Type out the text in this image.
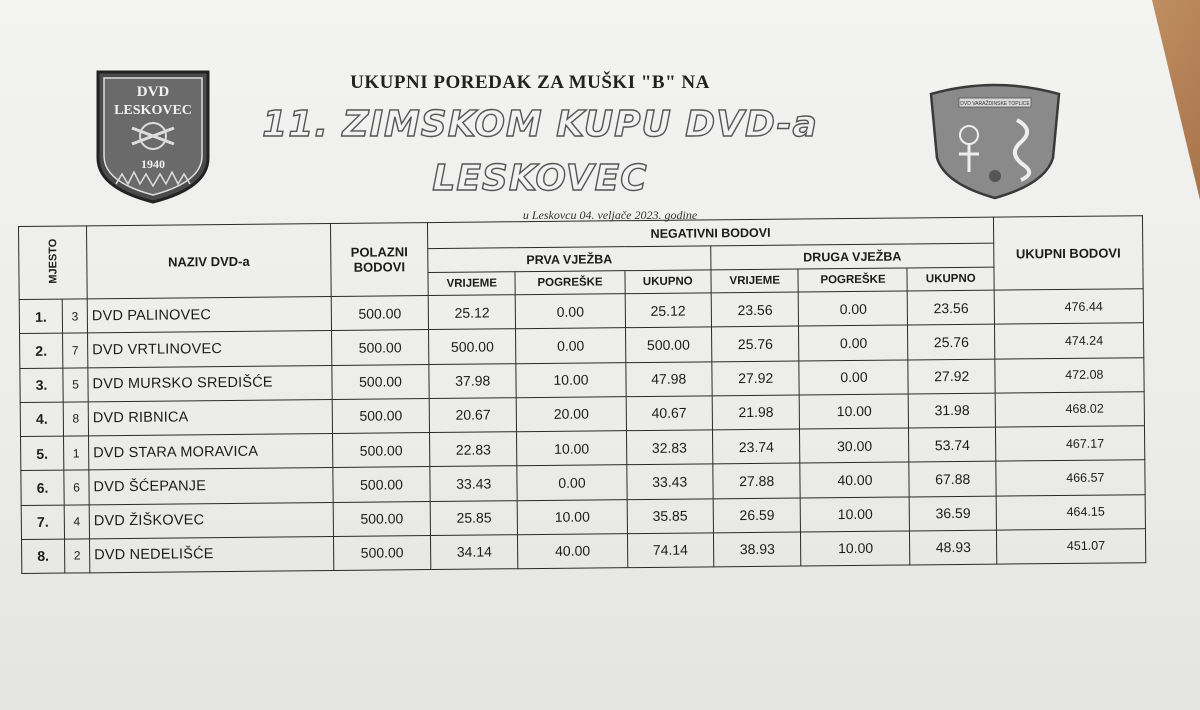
DVD
LESKOVEC
1940
DVD VARAŽDINSKE TOPLICE
UKUPNI POREDAK ZA MUŠKI "B" NA
11. ZIMSKOM KUPU DVD-a
LESKOVEC
u Leskovcu 04. veljače 2023. godine
MJESTO		NAZIV DVD-a	POLAZNI BODOVI	NEGATIVNI BODOVI						UKUPNI BODOVI
				PRVA VJEŽBA			DRUGA VJEŽBA			
				VRIJEME	POGREŠKE	UKUPNO	VRIJEME	POGREŠKE	UKUPNO	
1.	3	DVD PALINOVEC	500.00	25.12	0.00	25.12	23.56	0.00	23.56	476.44
2.	7	DVD VRTLINOVEC	500.00	500.00	0.00	500.00	25.76	0.00	25.76	474.24
3.	5	DVD MURSKO SREDIŠĆE	500.00	37.98	10.00	47.98	27.92	0.00	27.92	472.08
4.	8	DVD RIBNICA	500.00	20.67	20.00	40.67	21.98	10.00	31.98	468.02
5.	1	DVD STARA MORAVICA	500.00	22.83	10.00	32.83	23.74	30.00	53.74	467.17
6.	6	DVD ŠĆEPANJE	500.00	33.43	0.00	33.43	27.88	40.00	67.88	466.57
7.	4	DVD ŽIŠKOVEC	500.00	25.85	10.00	35.85	26.59	10.00	36.59	464.15
8.	2	DVD NEDELIŠĆE	500.00	34.14	40.00	74.14	38.93	10.00	48.93	451.07
